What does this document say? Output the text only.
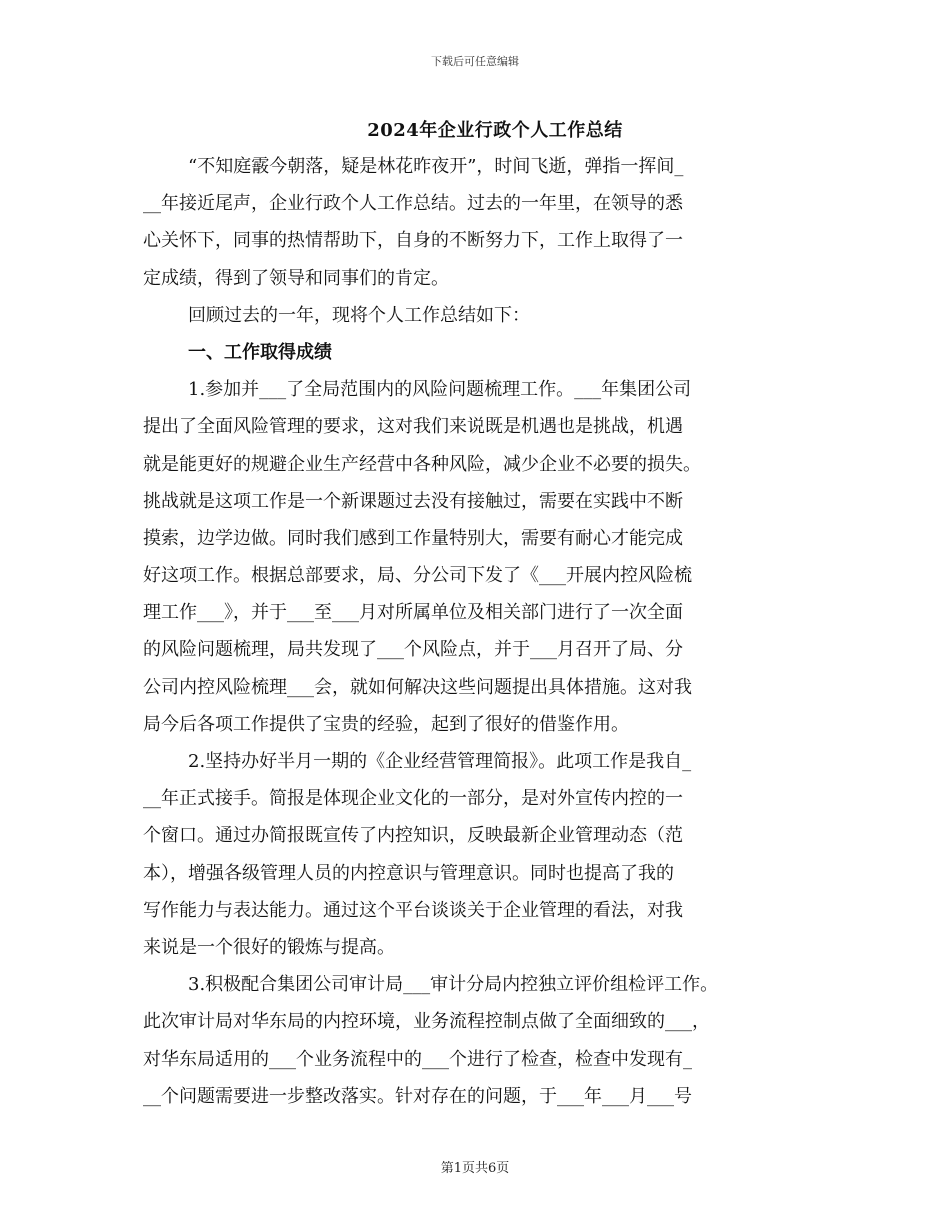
下载后可任意编辑
2024年企业行政个人工作总结
“不知庭霰今朝落，疑是林花昨夜开”，时间飞逝，弹指一挥间_
__年接近尾声，企业行政个人工作总结。过去的一年里，在领导的悉
心关怀下，同事的热情帮助下，自身的不断努力下，工作上取得了一
定成绩，得到了领导和同事们的肯定。
回顾过去的一年，现将个人工作总结如下：
一、工作取得成绩
1.参加并___了全局范围内的风险问题梳理工作。___年集团公司
提出了全面风险管理的要求，这对我们来说既是机遇也是挑战，机遇
就是能更好的规避企业生产经营中各种风险，减少企业不必要的损失。
挑战就是这项工作是一个新课题过去没有接触过，需要在实践中不断
摸索，边学边做。同时我们感到工作量特别大，需要有耐心才能完成
好这项工作。根据总部要求，局、分公司下发了《___开展内控风险梳
理工作___》，并于___至___月对所属单位及相关部门进行了一次全面
的风险问题梳理，局共发现了___个风险点，并于___月召开了局、分
公司内控风险梳理___会，就如何解决这些问题提出具体措施。这对我
局今后各项工作提供了宝贵的经验，起到了很好的借鉴作用。
2.坚持办好半月一期的《企业经营管理简报》。此项工作是我自_
__年正式接手。简报是体现企业文化的一部分，是对外宣传内控的一
个窗口。通过办简报既宣传了内控知识，反映最新企业管理动态（范
本），增强各级管理人员的内控意识与管理意识。同时也提高了我的
写作能力与表达能力。通过这个平台谈谈关于企业管理的看法，对我
来说是一个很好的锻炼与提高。
3.积极配合集团公司审计局___审计分局内控独立评价组检评工作。
此次审计局对华东局的内控环境，业务流程控制点做了全面细致的___，
对华东局适用的___个业务流程中的___个进行了检查，检查中发现有_
__个问题需要进一步整改落实。针对存在的问题，于___年___月___号
第1页共6页
